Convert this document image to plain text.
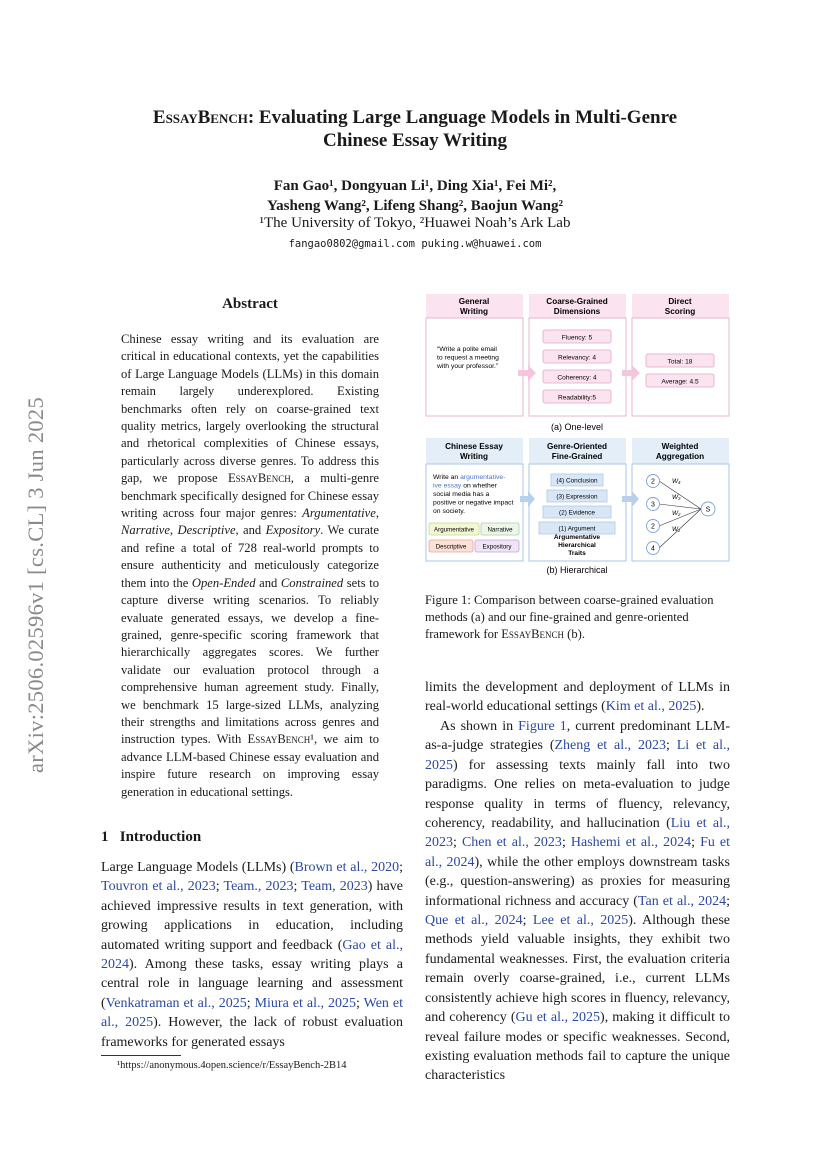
arXiv:2506.02596v1 [cs.CL] 3 Jun 2025
EssayBench: Evaluating Large Language Models in Multi-Genre
Chinese Essay Writing
Fan Gao¹, Dongyuan Li¹, Ding Xia¹, Fei Mi²,
Yasheng Wang², Lifeng Shang², Baojun Wang²
¹The University of Tokyo, ²Huawei Noah’s Ark Lab
fangao0802@gmail.com puking.w@huawei.com
Abstract
Chinese essay writing and its evaluation are critical in educational contexts, yet the capabilities of Large Language Models (LLMs) in this domain remain largely underexplored. Existing benchmarks often rely on coarse-grained text quality metrics, largely overlooking the structural and rhetorical complexities of Chinese essays, particularly across diverse genres. To address this gap, we propose EssayBench, a multi-genre benchmark specifically designed for Chinese essay writing across four major genres: Argumentative, Narrative, Descriptive, and Expository. We curate and refine a total of 728 real-world prompts to ensure authenticity and meticulously categorize them into the Open-Ended and Constrained sets to capture diverse writing scenarios. To reliably evaluate generated essays, we develop a fine-grained, genre-specific scoring framework that hierarchically aggregates scores. We further validate our evaluation protocol through a comprehensive human agreement study. Finally, we benchmark 15 large-sized LLMs, analyzing their strengths and limitations across genres and instruction types. With EssayBench¹, we aim to advance LLM-based Chinese essay evaluation and inspire future research on improving essay generation in educational settings.
1 Introduction
Large Language Models (LLMs) (Brown et al., 2020; Touvron et al., 2023; Team., 2023; Team, 2023) have achieved impressive results in text generation, with growing applications in education, including automated writing support and feedback (Gao et al., 2024). Among these tasks, essay writing plays a central role in language learning and assessment (Venkatraman et al., 2025; Miura et al., 2025; Wen et al., 2025). However, the lack of robust evaluation frameworks for generated essays
¹https://anonymous.4open.science/r/EssayBench-2B14
General Writing
Coarse-Grained Dimensions
Direct Scoring
“Write a polite email to request a meeting with your professor.”
Fluency: 5
Relevancy: 4
Coherency: 4
Readability:5
Total: 18
Average: 4.5
(a) One-level
Chinese Essay Writing
Genre-Oriented Fine-Grained
Weighted Aggregation
Write an argumentative-ive essay on whether social media has a positive or negative impact on society.
Argumentative Narrative
Descriptive	Expository
(4) Conclusion
(3) Expression
(2) Evidence
(1) Argument
Argumentative Hierarchical Traits
2
3
2
4
W₄
W₃
W₂
W₁
S
(b) Hierarchical
Figure 1: Comparison between coarse-grained evaluation methods (a) and our fine-grained and genre-oriented framework for EssayBench (b).
limits the development and deployment of LLMs in real-world educational settings (Kim et al., 2025).
As shown in Figure 1, current predominant LLM-as-a-judge strategies (Zheng et al., 2023; Li et al., 2025) for assessing texts mainly fall into two paradigms. One relies on meta-evaluation to judge response quality in terms of fluency, relevancy, coherency, readability, and hallucination (Liu et al., 2023; Chen et al., 2023; Hashemi et al., 2024; Fu et al., 2024), while the other employs downstream tasks (e.g., question-answering) as proxies for measuring informational richness and accuracy (Tan et al., 2024; Que et al., 2024; Lee et al., 2025). Although these methods yield valuable insights, they exhibit two fundamental weaknesses. First, the evaluation criteria remain overly coarse-grained, i.e., current LLMs consistently achieve high scores in fluency, relevancy, and coherency (Gu et al., 2025), making it difficult to reveal failure modes or specific weaknesses. Second, existing evaluation methods fail to capture the unique characteristics
